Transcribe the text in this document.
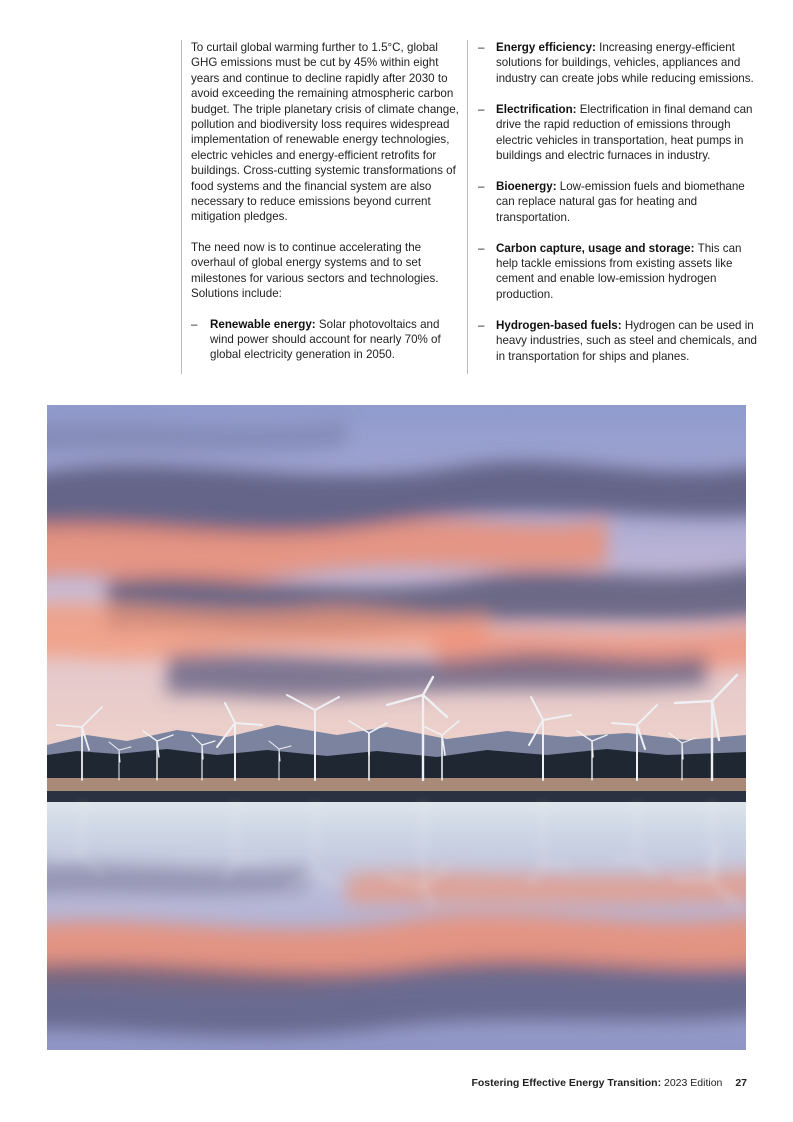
To curtail global warming further to 1.5°C, global GHG emissions must be cut by 45% within eight years and continue to decline rapidly after 2030 to avoid exceeding the remaining atmospheric carbon budget. The triple planetary crisis of climate change, pollution and biodiversity loss requires widespread implementation of renewable energy technologies, electric vehicles and energy-efficient retrofits for buildings. Cross-cutting systemic transformations of food systems and the financial system are also necessary to reduce emissions beyond current mitigation pledges.

The need now is to continue accelerating the overhaul of global energy systems and to set milestones for various sectors and technologies. Solutions include:

– Renewable energy: Solar photovoltaics and wind power should account for nearly 70% of global electricity generation in 2050.
– Energy efficiency: Increasing energy-efficient solutions for buildings, vehicles, appliances and industry can create jobs while reducing emissions.
– Electrification: Electrification in final demand can drive the rapid reduction of emissions through electric vehicles in transportation, heat pumps in buildings and electric furnaces in industry.
– Bioenergy: Low-emission fuels and biomethane can replace natural gas for heating and transportation.
– Carbon capture, usage and storage: This can help tackle emissions from existing assets like cement and enable low-emission hydrogen production.
– Hydrogen-based fuels: Hydrogen can be used in heavy industries, such as steel and chemicals, and in transportation for ships and planes.
Fostering Effective Energy Transition: 2023 Edition 27
